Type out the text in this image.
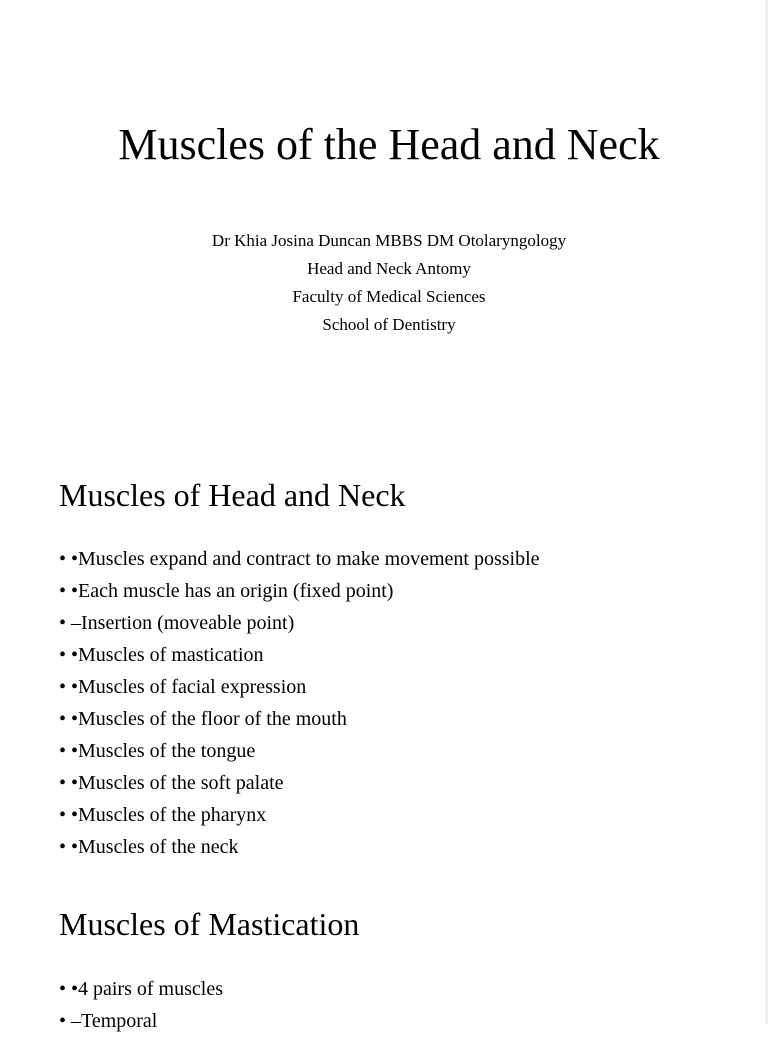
Muscles of the Head and Neck
Dr Khia Josina Duncan MBBS DM Otolaryngology
Head and Neck Antomy
Faculty of Medical Sciences
School of Dentistry
Muscles of Head and Neck
• •Muscles expand and contract to make movement possible
• •Each muscle has an origin (fixed point)
• –Insertion (moveable point)
• •Muscles of mastication
• •Muscles of facial expression
• •Muscles of the floor of the mouth
• •Muscles of the tongue
• •Muscles of the soft palate
• •Muscles of the pharynx
• •Muscles of the neck
Muscles of Mastication
• •4 pairs of muscles
• –Temporal
